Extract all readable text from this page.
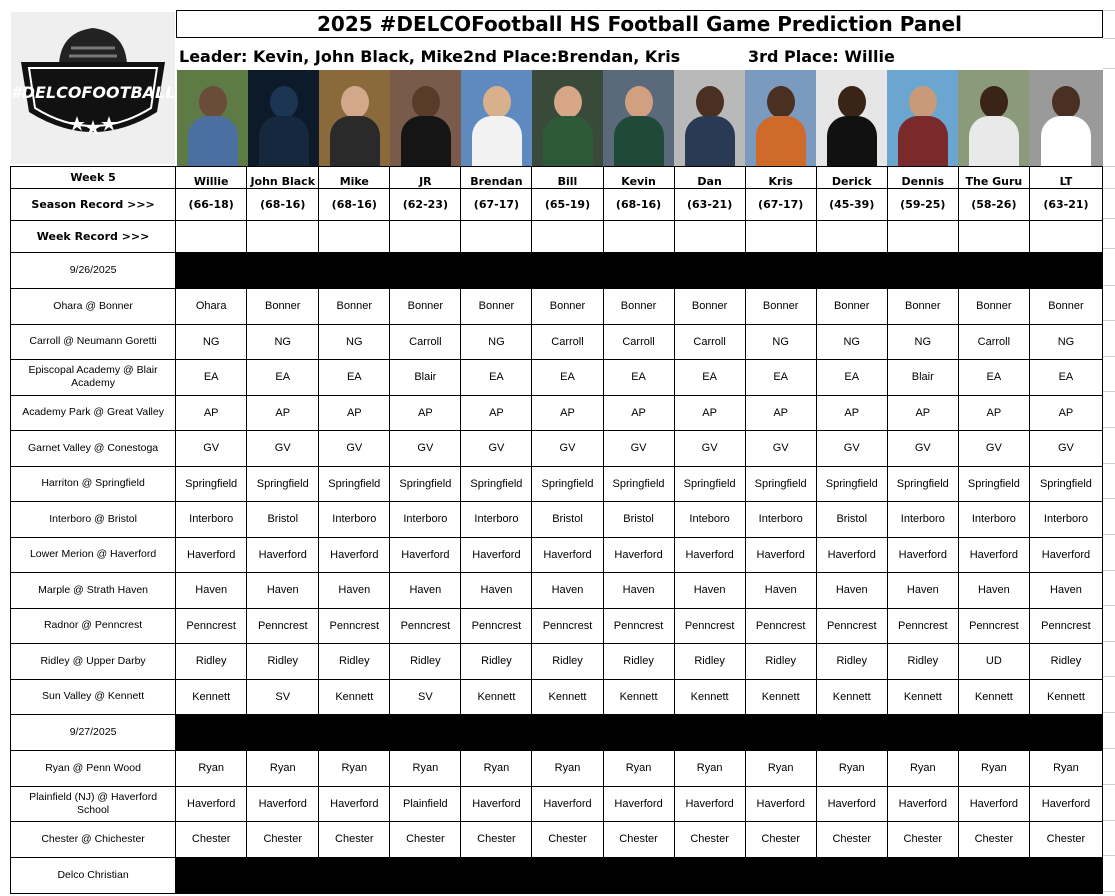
#DELCOFOOTBALL
2025 #DELCOFootball HS Football Game Prediction Panel
Leader: Kevin, John Black, Mike 2nd Place:Brendan, Kris	3rd Place: Willie
Week 5	Willie	John Black	Mike	JR	Brendan	Bill	Kevin	Dan	Kris	Derick	Dennis	The Guru	LT
Season Record >>>	(66-18)	(68-16)	(68-16)	(62-23)	(67-17)	(65-19)	(68-16)	(63-21)	(67-17)	(45-39)	(59-25)	(58-26)	(63-21)
Week Record >>>													
9/26/2025													
Ohara @ Bonner	Ohara	Bonner	Bonner	Bonner	Bonner	Bonner	Bonner	Bonner	Bonner	Bonner	Bonner	Bonner	Bonner
Carroll @ Neumann Goretti	NG	NG	NG	Carroll	NG	Carroll	Carroll	Carroll	NG	NG	NG	Carroll	NG
Episcopal Academy @ Blair Academy	EA	EA	EA	Blair	EA	EA	EA	EA	EA	EA	Blair	EA	EA
Academy Park @ Great Valley	AP	AP	AP	AP	AP	AP	AP	AP	AP	AP	AP	AP	AP
Garnet Valley @ Conestoga	GV	GV	GV	GV	GV	GV	GV	GV	GV	GV	GV	GV	GV
Harriton @ Springfield	Springfield	Springfield	Springfield	Springfield	Springfield	Springfield	Springfield	Springfield	Springfield	Springfield	Springfield	Springfield	Springfield
Interboro @ Bristol	Interboro	Bristol	Interboro	Interboro	Interboro	Bristol	Bristol	Inteboro	Interboro	Bristol	Interboro	Interboro	Interboro
Lower Merion @ Haverford	Haverford	Haverford	Haverford	Haverford	Haverford	Haverford	Haverford	Haverford	Haverford	Haverford	Haverford	Haverford	Haverford
Marple @ Strath Haven	Haven	Haven	Haven	Haven	Haven	Haven	Haven	Haven	Haven	Haven	Haven	Haven	Haven
Radnor @ Penncrest	Penncrest	Penncrest	Penncrest	Penncrest	Penncrest	Penncrest	Penncrest	Penncrest	Penncrest	Penncrest	Penncrest	Penncrest	Penncrest
Ridley @ Upper Darby	Ridley	Ridley	Ridley	Ridley	Ridley	Ridley	Ridley	Ridley	Ridley	Ridley	Ridley	UD	Ridley
Sun Valley @ Kennett	Kennett	SV	Kennett	SV	Kennett	Kennett	Kennett	Kennett	Kennett	Kennett	Kennett	Kennett	Kennett
9/27/2025													
Ryan @ Penn Wood	Ryan	Ryan	Ryan	Ryan	Ryan	Ryan	Ryan	Ryan	Ryan	Ryan	Ryan	Ryan	Ryan
Plainfield (NJ) @ Haverford School	Haverford	Haverford	Haverford	Plainfield	Haverford	Haverford	Haverford	Haverford	Haverford	Haverford	Haverford	Haverford	Haverford
Chester @ Chichester	Chester	Chester	Chester	Chester	Chester	Chester	Chester	Chester	Chester	Chester	Chester	Chester	Chester
Delco Christian													
